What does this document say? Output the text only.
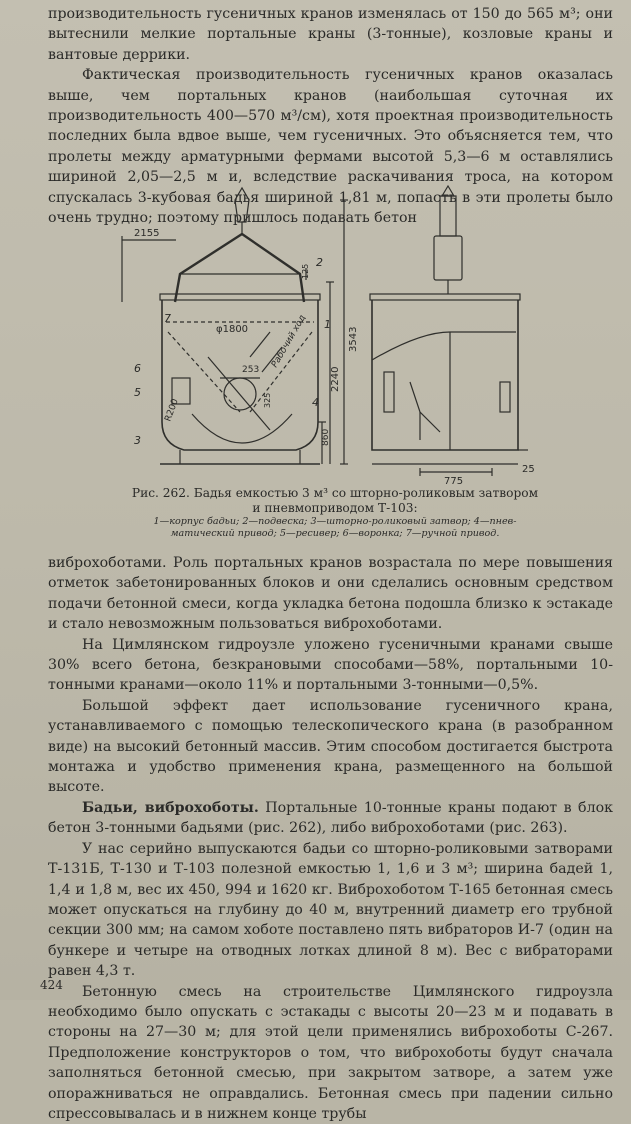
производительность гусеничных кранов изменялась от 150 до 565 м³; они вытеснили мелкие портальные краны (3-тонные), козловые краны и вантовые деррики.

Фактическая производительность гусеничных кранов оказалась выше, чем портальных кранов (наибольшая суточная их производительность 400—570 м³/см), хотя проектная производительность последних была вдвое выше, чем гусеничных. Это объясняется тем, что пролеты между арматурными фермами высотой 5,3—6 м оставлялись шириной 2,05—2,5 м и, вследствие раскачивания троса, на котором спускалась 3-кубовая бадья шириной 1,81 м, попасть в эти пролеты было очень трудно; поэтому пришлось подавать бетон

2155
φ1800
125
3543
2240
860
253
325
R200
Рабочий ход
775
25
1
2
3
4
5
6
7
Рис. 262. Бадья емкостью 3 м³ со шторно-роликовым затвором
и пневмоприводом Т-103:
1—корпус бадьи; 2—подвеска; 3—шторно-роликовый затвор; 4—пнев-
матический привод; 5—ресивер; 6—воронка; 7—ручной привод.

виброхоботами. Роль портальных кранов возрастала по мере повышения отметок забетонированных блоков и они сделались основным средством подачи бетонной смеси, когда укладка бетона подошла близко к эстакаде и стало невозможным пользоваться виброхоботами.

На Цимлянском гидроузле уложено гусеничными кранами свыше 30% всего бетона, безкрановыми способами—58%, портальными 10-тонными кранами—около 11% и портальными 3-тонными—0,5%.

Большой эффект дает использование гусеничного крана, устанавливаемого с помощью телескопического крана (в разобранном виде) на высокий бетонный массив. Этим способом достигается быстрота монтажа и удобство применения крана, размещенного на большой высоте.

Бадьи, виброхоботы. Портальные 10-тонные краны подают в блок бетон 3-тонными бадьями (рис. 262), либо виброхоботами (рис. 263).

У нас серийно выпускаются бадьи со шторно-роликовыми затворами Т-131Б, Т-130 и Т-103 полезной емкостью 1, 1,6 и 3 м³; ширина бадей 1, 1,4 и 1,8 м, вес их 450, 994 и 1620 кг. Виброхоботом Т-165 бетонная смесь может опускаться на глубину до 40 м, внутренний диаметр его трубной секции 300 мм; на самом хоботе поставлено пять вибраторов И-7 (один на бункере и четыре на отводных лотках длиной 8 м). Вес с вибраторами равен 4,3 т.

Бетонную смесь на строительстве Цимлянского гидроузла необходимо было опускать с эстакады с высоты 20—23 м и подавать в стороны на 27—30 м; для этой цели применялись виброхоботы С-267. Предположение конструкторов о том, что виброхоботы будут сначала заполняться бетонной смесью, при закрытом затворе, а затем уже опоражниваться не оправдались. Бетонная смесь при падении сильно спрессовывалась и в нижнем конце трубы

424
